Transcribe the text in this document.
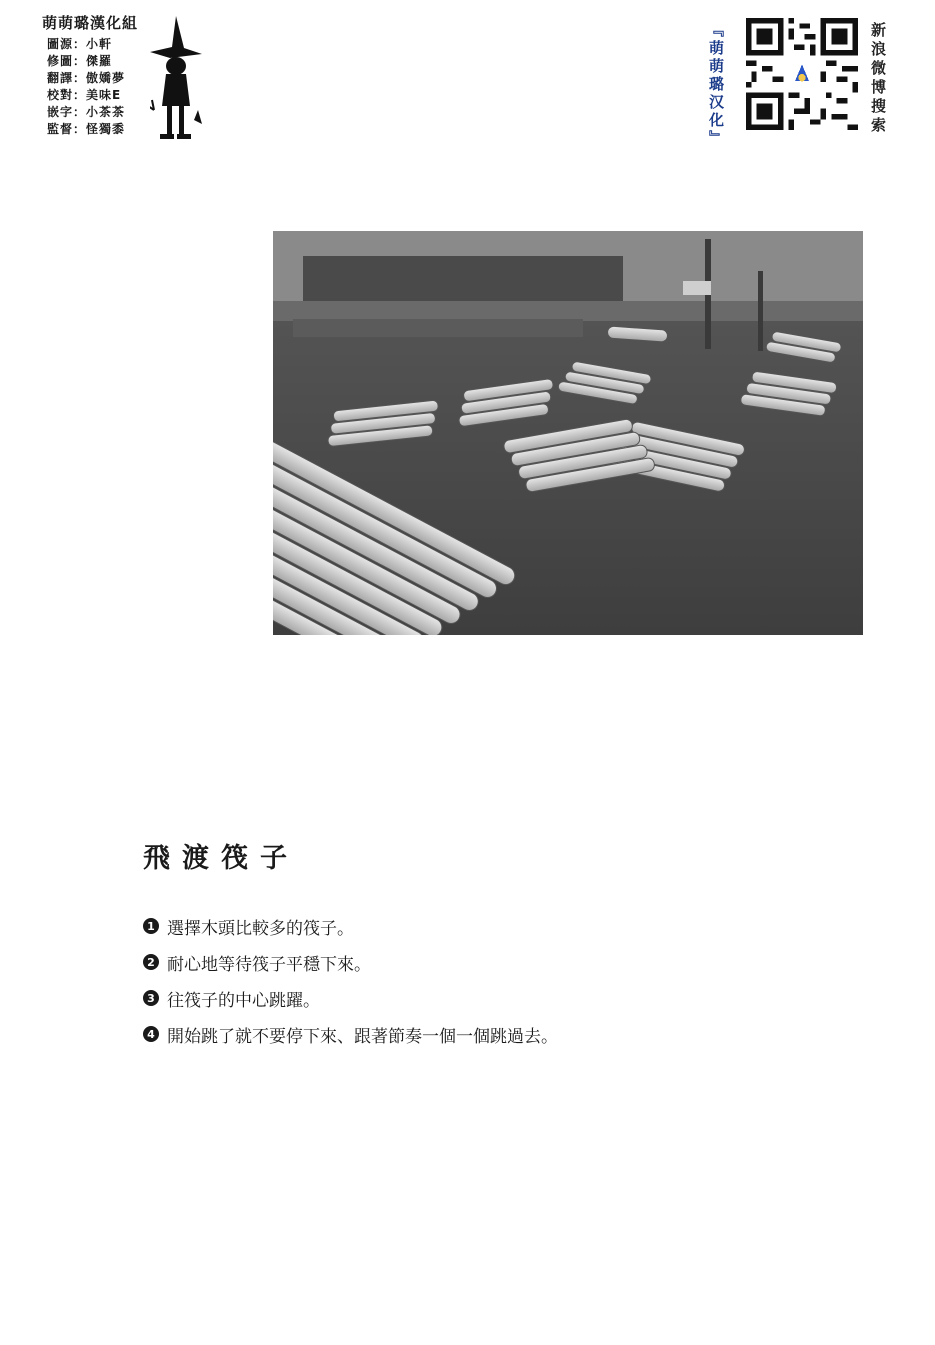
萌萌璐漢化組
圖源：小軒
修圖：傑羅
翻譯：傲嬌夢
校對：美味E
嵌字：小茶茶
監督：怪獨黍	『萌萌璐汉化』	新浪微博搜索
飛渡筏子
1 選擇木頭比較多的筏子。
2 耐心地等待筏子平穩下來。
3 往筏子的中心跳躍。
4 開始跳了就不要停下來、跟著節奏一個一個跳過去。
